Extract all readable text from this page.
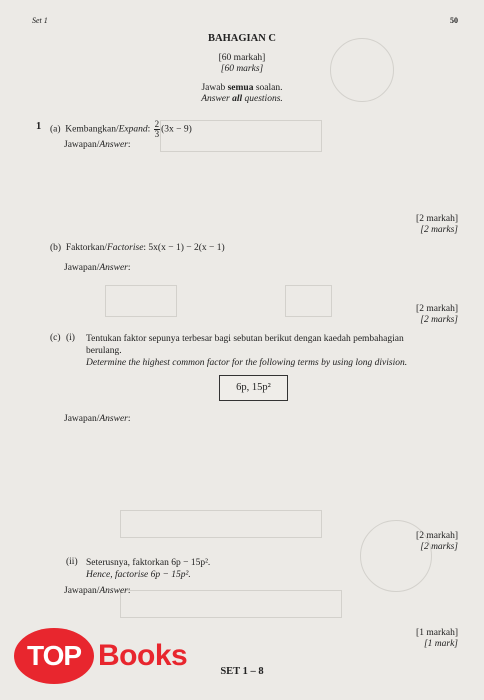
Set 1	50
BAHAGIAN C
[60 markah]
[60 marks]
Jawab semua soalan.
Answer all questions.
1 (a) Kembangkan/Expand: $\frac{2}{3} (3x - 9)$
Jawapan/Answer:
[2 markah]
[2 marks]
(b) Faktorkan/Factorise: 5x(x − 1) − 2(x − 1)
Jawapan/Answer:
[2 markah]
[2 marks]
(c) (i) Tentukan faktor sepunya terbesar bagi sebutan berikut dengan kaedah pembahagian
berulang.
Determine the highest common factor for the following terms by using long division.
6p, 15p²
Jawapan/Answer:
[2 markah]
[2 marks]
(ii) Seterusnya, faktorkan 6p − 15p².
Hence, factorise 6p − 15p².
Jawapan/Answer:
[1 markah]
[1 mark]
SET 1 – 8
TOP Books
